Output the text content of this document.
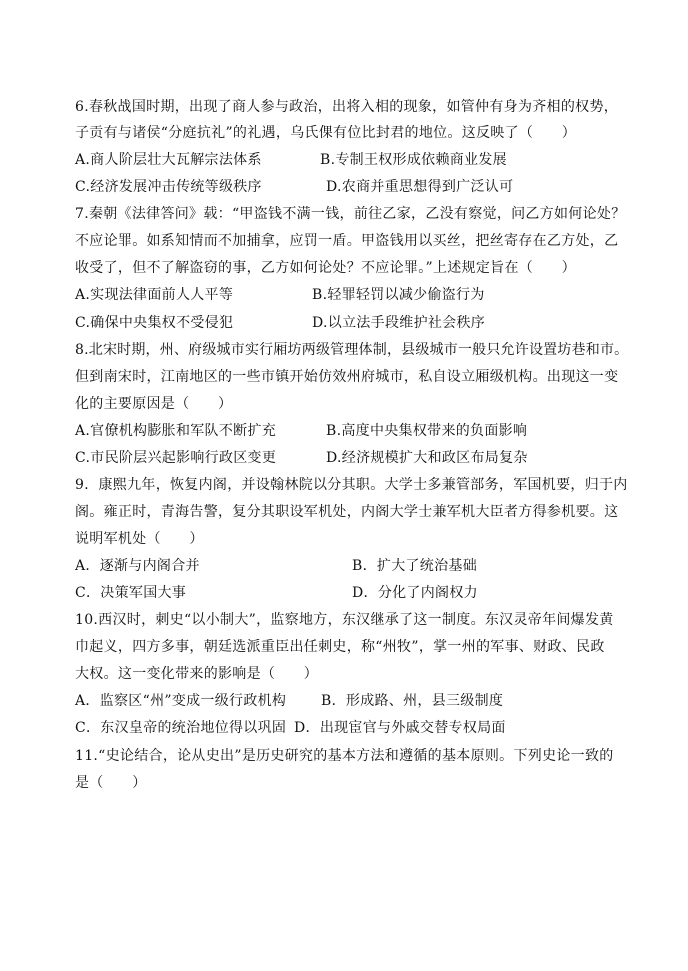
6.春秋战国时期，出现了商人参与政治，出将入相的现象，如管仲有身为齐相的权势，
子贡有与诸侯“分庭抗礼”的礼遇，乌氏倮有位比封君的地位。这反映了（　　）
A.商人阶层壮大瓦解宗法体系	B.专制王权形成依赖商业发展
C.经济发展冲击传统等级秩序	D.农商并重思想得到广泛认可
7.秦朝《法律答问》载：“甲盗钱不满一钱，前往乙家，乙没有察觉，问乙方如何论处？
不应论罪。如系知情而不加捕拿，应罚一盾。甲盗钱用以买丝，把丝寄存在乙方处，乙
收受了，但不了解盗窃的事，乙方如何论处？不应论罪。”上述规定旨在（　　）
A.实现法律面前人人平等	B.轻罪轻罚以减少偷盗行为
C.确保中央集权不受侵犯	D.以立法手段维护社会秩序
8.北宋时期，州、府级城市实行厢坊两级管理体制，县级城市一般只允许设置坊巷和市。
但到南宋时，江南地区的一些市镇开始仿效州府城市，私自设立厢级机构。出现这一变
化的主要原因是（　　）
A.官僚机构膨胀和军队不断扩充	B.高度中央集权带来的负面影响
C.市民阶层兴起影响行政区变更	D.经济规模扩大和政区布局复杂
9．康熙九年，恢复内阁，并设翰林院以分其职。大学士多兼管部务，军国机要，归于内
阁。雍正时，青海告警，复分其职设军机处，内阁大学士兼军机大臣者方得参机要。这
说明军机处（　　）
A．逐渐与内阁合并	B．扩大了统治基础
C．决策军国大事	D．分化了内阁权力
10.西汉时，刺史“以小制大”，监察地方，东汉继承了这一制度。东汉灵帝年间爆发黄
巾起义，四方多事，朝廷选派重臣出任刺史，称“州牧”，掌一州的军事、财政、民政
大权。这一变化带来的影响是（　　）
A．监察区“州”变成一级行政机构 B．形成路、州，县三级制度
C．东汉皇帝的统治地位得以巩固 D．出现宦官与外戚交替专权局面
11.“史论结合，论从史出”是历史研究的基本方法和遵循的基本原则。下列史论一致的
是（　　）
